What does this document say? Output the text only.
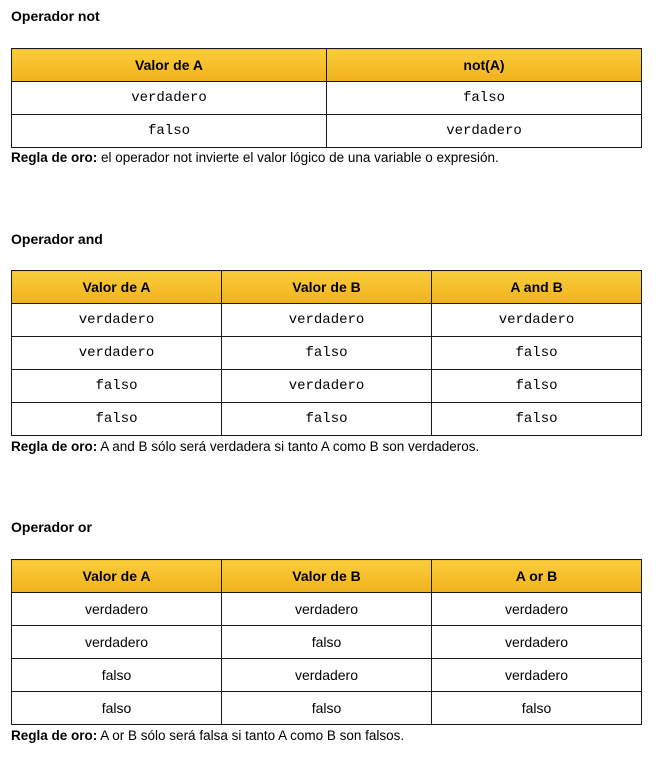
Operador not
Valor de A	not(A)
verdadero	falso
falso	verdadero
Regla de oro: el operador not invierte el valor lógico de una variable o expresión.
Operador and
Valor de A	Valor de B	A and B
verdadero	verdadero	verdadero
verdadero	falso	falso
falso	verdadero	falso
falso	falso	falso
Regla de oro: A and B sólo será verdadera si tanto A como B son verdaderos.
Operador or
Valor de A	Valor de B	A or B
verdadero	verdadero	verdadero
verdadero	falso	verdadero
falso	verdadero	verdadero
falso	falso	falso
Regla de oro: A or B sólo será falsa si tanto A como B son falsos.
